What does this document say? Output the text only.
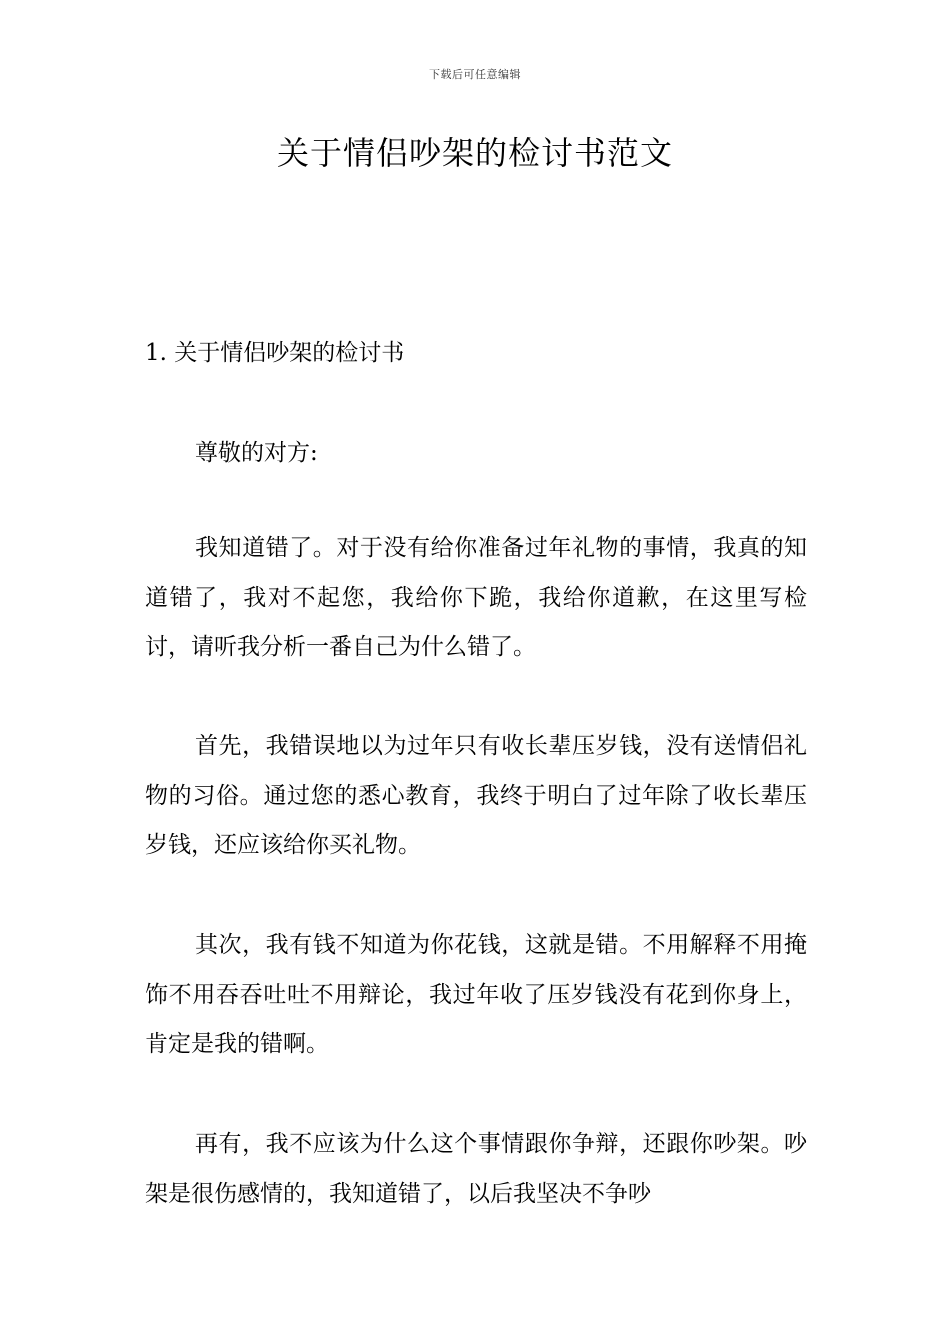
下载后可任意编辑
关于情侣吵架的检讨书范文
1. 关于情侣吵架的检讨书
尊敬的对方:

我知道错了。对于没有给你准备过年礼物的事情，我真的知道错了，我对不起您，我给你下跪，我给你道歉，在这里写检讨，请听我分析一番自己为什么错了。

首先，我错误地以为过年只有收长辈压岁钱，没有送情侣礼物的习俗。通过您的悉心教育，我终于明白了过年除了收长辈压岁钱，还应该给你买礼物。

其次，我有钱不知道为你花钱，这就是错。不用解释不用掩饰不用吞吞吐吐不用辩论，我过年收了压岁钱没有花到你身上，肯定是我的错啊。

再有，我不应该为什么这个事情跟你争辩，还跟你吵架。吵架是很伤感情的，我知道错了，以后我坚决不争吵
